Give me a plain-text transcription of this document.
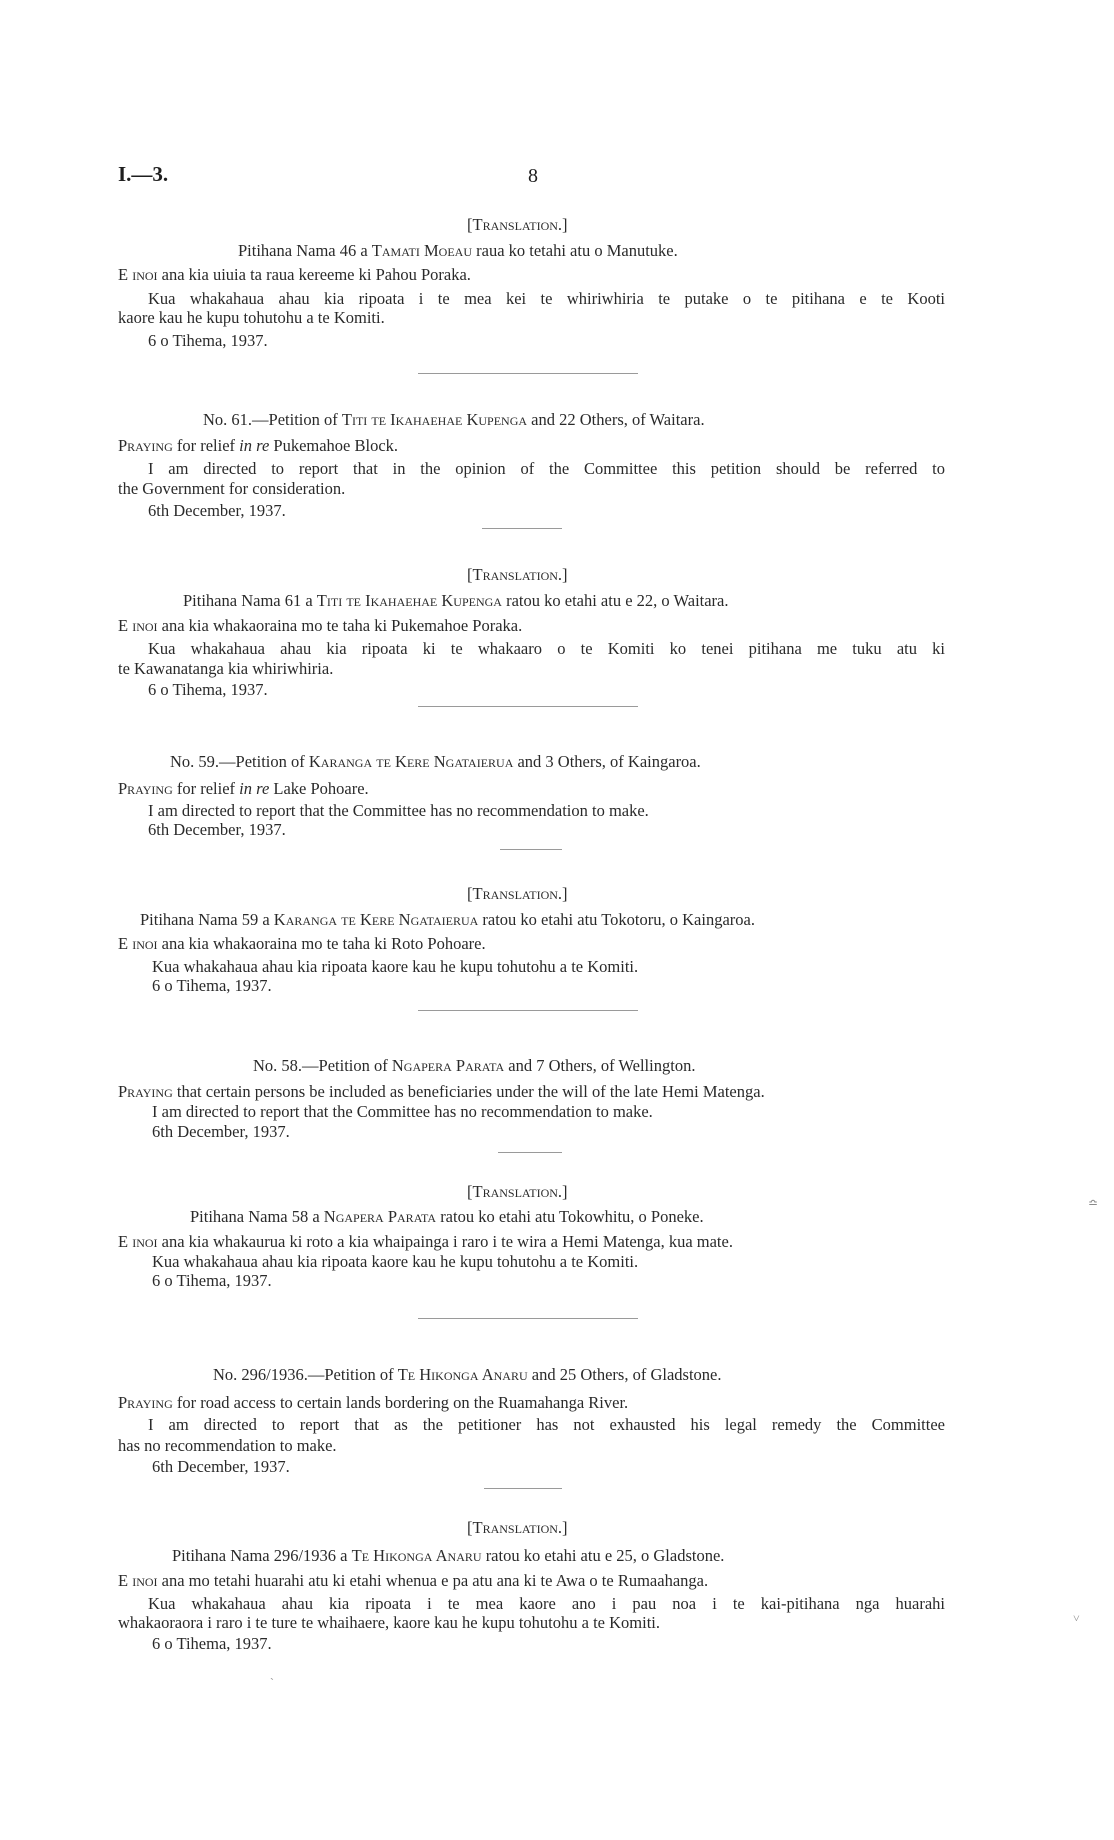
I.—3.	8
[Translation.]
Pitihana Nama 46 a Tamati Moeau raua ko tetahi atu o Manutuke.
E inoi ana kia uiuia ta raua kereeme ki Pahou Poraka.
Kua whakahaua ahau kia ripoata i te mea kei te whiriwhiria te putake o te pitihana e te Kooti
kaore kau he kupu tohutohu a te Komiti.
6 o Tihema, 1937.
No. 61.—Petition of Titi te Ikahaehae Kupenga and 22 Others, of Waitara.
Praying for relief in re Pukemahoe Block.
I am directed to report that in the opinion of the Committee this petition should be referred to
the Government for consideration.
6th December, 1937.
[Translation.]
Pitihana Nama 61 a Titi te Ikahaehae Kupenga ratou ko etahi atu e 22, o Waitara.
E inoi ana kia whakaoraina mo te taha ki Pukemahoe Poraka.
Kua whakahaua ahau kia ripoata ki te whakaaro o te Komiti ko tenei pitihana me tuku atu ki
te Kawanatanga kia whiriwhiria.
6 o Tihema, 1937.
No. 59.—Petition of Karanga te Kere Ngataierua and 3 Others, of Kaingaroa.
Praying for relief in re Lake Pohoare.
I am directed to report that the Committee has no recommendation to make.
6th December, 1937.
[Translation.]
Pitihana Nama 59 a Karanga te Kere Ngataierua ratou ko etahi atu Tokotoru, o Kaingaroa.
E inoi ana kia whakaoraina mo te taha ki Roto Pohoare.
Kua whakahaua ahau kia ripoata kaore kau he kupu tohutohu a te Komiti.
6 o Tihema, 1937.
No. 58.—Petition of Ngapera Parata and 7 Others, of Wellington.
Praying that certain persons be included as beneficiaries under the will of the late Hemi Matenga.
I am directed to report that the Committee has no recommendation to make.
6th December, 1937.
[Translation.]
Pitihana Nama 58 a Ngapera Parata ratou ko etahi atu Tokowhitu, o Poneke.
E inoi ana kia whakaurua ki roto a kia whaipainga i raro i te wira a Hemi Matenga, kua mate.
Kua whakahaua ahau kia ripoata kaore kau he kupu tohutohu a te Komiti.
6 o Tihema, 1937.
No. 296/1936.—Petition of Te Hikonga Anaru and 25 Others, of Gladstone.
Praying for road access to certain lands bordering on the Ruamahanga River.
I am directed to report that as the petitioner has not exhausted his legal remedy the Committee
has no recommendation to make.
6th December, 1937.
[Translation.]
Pitihana Nama 296/1936 a Te Hikonga Anaru ratou ko etahi atu e 25, o Gladstone.
E inoi ana mo tetahi huarahi atu ki etahi whenua e pa atu ana ki te Awa o te Rumaahanga.
Kua whakahaua ahau kia ripoata i te mea kaore ano i pau noa i te kai-pitihana nga huarahi
whakaoraora i raro i te ture te whaihaere, kaore kau he kupu tohutohu a te Komiti.
6 o Tihema, 1937.
≏
˅
˴
